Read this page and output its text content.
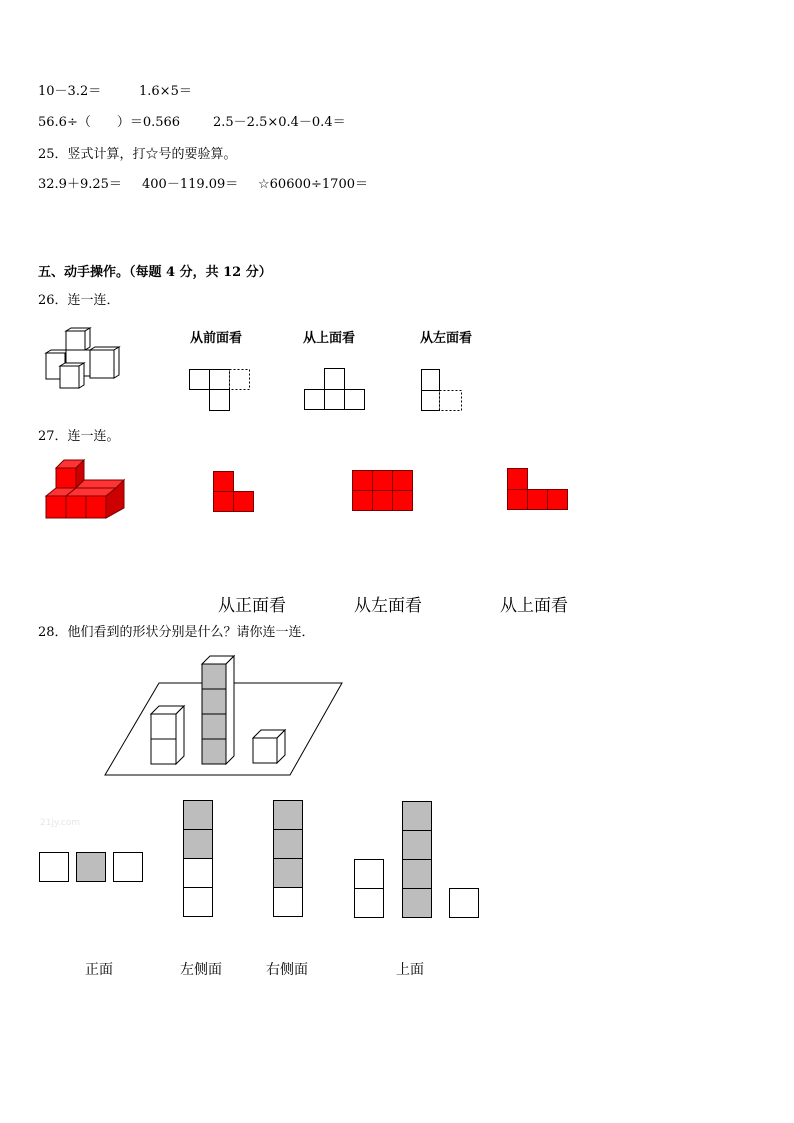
10－3.2＝	1.6×5＝
56.6÷（　　）＝0.566	2.5－2.5×0.4－0.4＝
25．竖式计算，打☆号的要验算。
32.9＋9.25＝ 400－119.09＝ ☆60600÷1700＝
五、动手操作。（每题 4 分，共 12 分）
26．连一连．
从前面看	从上面看	从左面看
27．连一连。
从正面看	从左面看	从上面看
28．他们看到的形状分别是什么？请你连一连．
21jy.com
正面	左侧面	右侧面	上面
